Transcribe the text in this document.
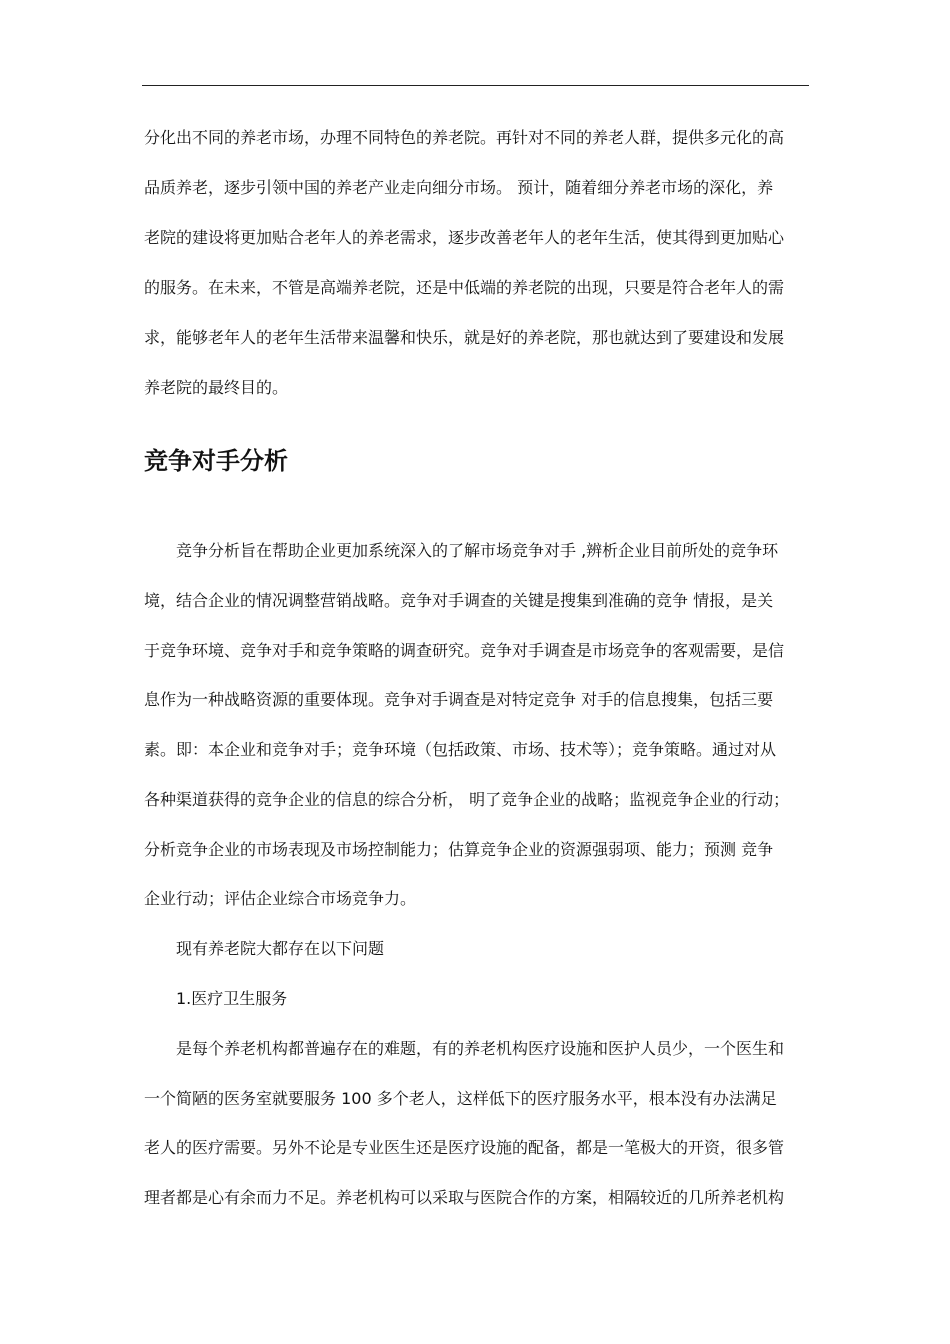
分化出不同的养老市场，办理不同特色的养老院。再针对不同的养老人群，提供多元化的高
品质养老，逐步引领中国的养老产业走向细分市场。 预计，随着细分养老市场的深化，养
老院的建设将更加贴合老年人的养老需求，逐步改善老年人的老年生活，使其得到更加贴心
的服务。在未来，不管是高端养老院，还是中低端的养老院的出现，只要是符合老年人的需
求，能够老年人的老年生活带来温馨和快乐，就是好的养老院，那也就达到了要建设和发展
养老院的最终目的。
竞争对手分析
竞争分析旨在帮助企业更加系统深入的了解市场竞争对手 ,辨析企业目前所处的竞争环
境，结合企业的情况调整营销战略。竞争对手调查的关键是搜集到准确的竞争 情报，是关
于竞争环境、竞争对手和竞争策略的调查研究。竞争对手调查是市场竞争的客观需要，是信
息作为一种战略资源的重要体现。竞争对手调查是对特定竞争 对手的信息搜集，包括三要
素。即：本企业和竞争对手；竞争环境（包括政策、市场、技术等）；竞争策略。通过对从
各种渠道获得的竞争企业的信息的综合分析， 明了竞争企业的战略；监视竞争企业的行动；
分析竞争企业的市场表现及市场控制能力；估算竞争企业的资源强弱项、能力；预测 竞争
企业行动；评估企业综合市场竞争力。
现有养老院大都存在以下问题
1.医疗卫生服务
是每个养老机构都普遍存在的难题，有的养老机构医疗设施和医护人员少，一个医生和
一个简陋的医务室就要服务 100 多个老人，这样低下的医疗服务水平，根本没有办法满足
老人的医疗需要。另外不论是专业医生还是医疗设施的配备，都是一笔极大的开资，很多管
理者都是心有余而力不足。养老机构可以采取与医院合作的方案，相隔较近的几所养老机构
